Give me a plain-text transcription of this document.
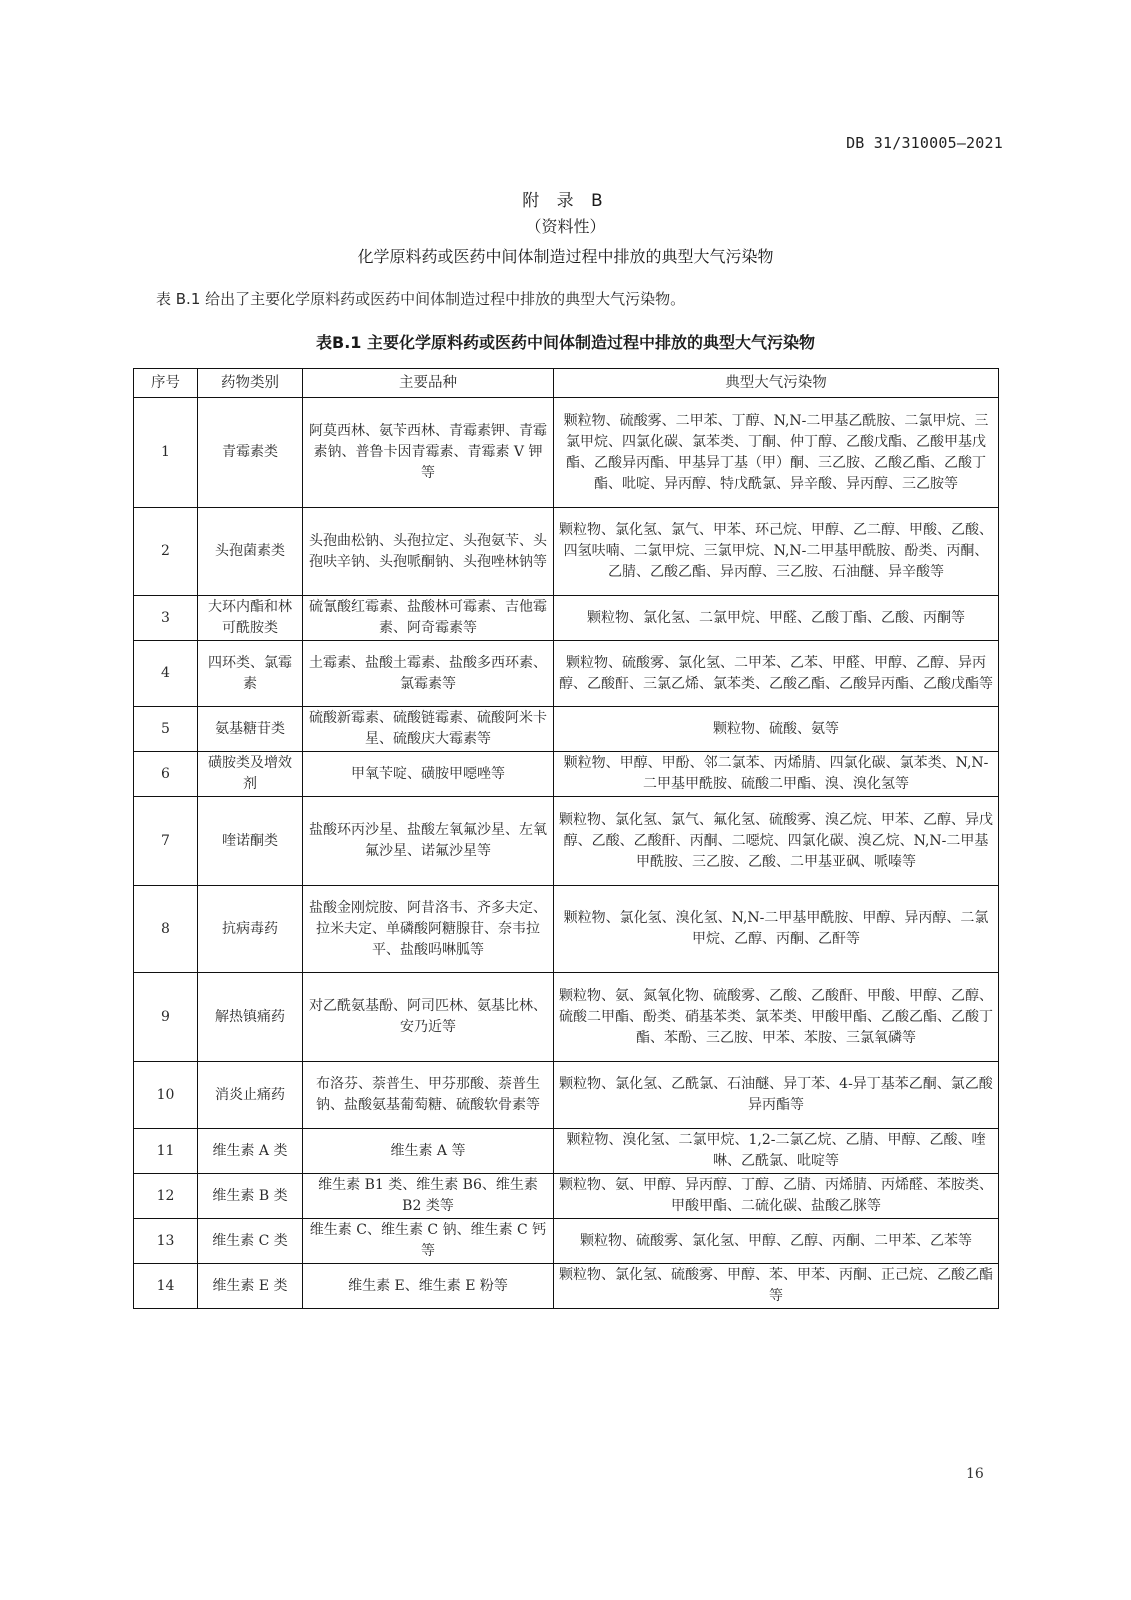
DB 31/310005—2021
附 录 B
（资料性）
化学原料药或医药中间体制造过程中排放的典型大气污染物
表 B.1 给出了主要化学原料药或医药中间体制造过程中排放的典型大气污染物。
表B.1 主要化学原料药或医药中间体制造过程中排放的典型大气污染物
序号	药物类别	主要品种	典型大气污染物
1	青霉素类	阿莫西林、氨苄西林、青霉素钾、青霉素钠、普鲁卡因青霉素、青霉素 V 钾等	颗粒物、硫酸雾、二甲苯、丁醇、N,N-二甲基乙酰胺、二氯甲烷、三氯甲烷、四氯化碳、氯苯类、丁酮、仲丁醇、乙酸戊酯、乙酸甲基戊酯、乙酸异丙酯、甲基异丁基（甲）酮、三乙胺、乙酸乙酯、乙酸丁酯、吡啶、异丙醇、特戊酰氯、异辛酸、异丙醇、三乙胺等
2	头孢菌素类	头孢曲松钠、头孢拉定、头孢氨苄、头孢呋辛钠、头孢哌酮钠、头孢唑林钠等	颗粒物、氯化氢、氯气、甲苯、环己烷、甲醇、乙二醇、甲酸、乙酸、四氢呋喃、二氯甲烷、三氯甲烷、N,N-二甲基甲酰胺、酚类、丙酮、乙腈、乙酸乙酯、异丙醇、三乙胺、石油醚、异辛酸等
3	大环内酯和林可酰胺类	硫氰酸红霉素、盐酸林可霉素、吉他霉素、阿奇霉素等	颗粒物、氯化氢、二氯甲烷、甲醛、乙酸丁酯、乙酸、丙酮等
4	四环类、氯霉素	土霉素、盐酸土霉素、盐酸多西环素、氯霉素等	颗粒物、硫酸雾、氯化氢、二甲苯、乙苯、甲醛、甲醇、乙醇、异丙醇、乙酸酐、三氯乙烯、氯苯类、乙酸乙酯、乙酸异丙酯、乙酸戊酯等
5	氨基糖苷类	硫酸新霉素、硫酸链霉素、硫酸阿米卡星、硫酸庆大霉素等	颗粒物、硫酸、氨等
6	磺胺类及增效剂	甲氧苄啶、磺胺甲噁唑等	颗粒物、甲醇、甲酚、邻二氯苯、丙烯腈、四氯化碳、氯苯类、N,N-二甲基甲酰胺、硫酸二甲酯、溴、溴化氢等
7	喹诺酮类	盐酸环丙沙星、盐酸左氧氟沙星、左氧氟沙星、诺氟沙星等	颗粒物、氯化氢、氯气、氟化氢、硫酸雾、溴乙烷、甲苯、乙醇、异戊醇、乙酸、乙酸酐、丙酮、二噁烷、四氯化碳、溴乙烷、N,N-二甲基甲酰胺、三乙胺、乙酸、二甲基亚砜、哌嗪等
8	抗病毒药	盐酸金刚烷胺、阿昔洛韦、齐多夫定、拉米夫定、单磷酸阿糖腺苷、奈韦拉平、盐酸吗啉胍等	颗粒物、氯化氢、溴化氢、N,N-二甲基甲酰胺、甲醇、异丙醇、二氯甲烷、乙醇、丙酮、乙酐等
9	解热镇痛药	对乙酰氨基酚、阿司匹林、氨基比林、安乃近等	颗粒物、氨、氮氧化物、硫酸雾、乙酸、乙酸酐、甲酸、甲醇、乙醇、硫酸二甲酯、酚类、硝基苯类、氯苯类、甲酸甲酯、乙酸乙酯、乙酸丁酯、苯酚、三乙胺、甲苯、苯胺、三氯氧磷等
10	消炎止痛药	布洛芬、萘普生、甲芬那酸、萘普生钠、盐酸氨基葡萄糖、硫酸软骨素等	颗粒物、氯化氢、乙酰氯、石油醚、异丁苯、4-异丁基苯乙酮、氯乙酸异丙酯等
11	维生素 A 类	维生素 A 等	颗粒物、溴化氢、二氯甲烷、1,2-二氯乙烷、乙腈、甲醇、乙酸、喹啉、乙酰氯、吡啶等
12	维生素 B 类	维生素 B1 类、维生素 B6、维生素 B2 类等	颗粒物、氨、甲醇、异丙醇、丁醇、乙腈、丙烯腈、丙烯醛、苯胺类、甲酸甲酯、二硫化碳、盐酸乙脒等
13	维生素 C 类	维生素 C、维生素 C 钠、维生素 C 钙等	颗粒物、硫酸雾、氯化氢、甲醇、乙醇、丙酮、二甲苯、乙苯等
14	维生素 E 类	维生素 E、维生素 E 粉等	颗粒物、氯化氢、硫酸雾、甲醇、苯、甲苯、丙酮、正己烷、乙酸乙酯等
16
